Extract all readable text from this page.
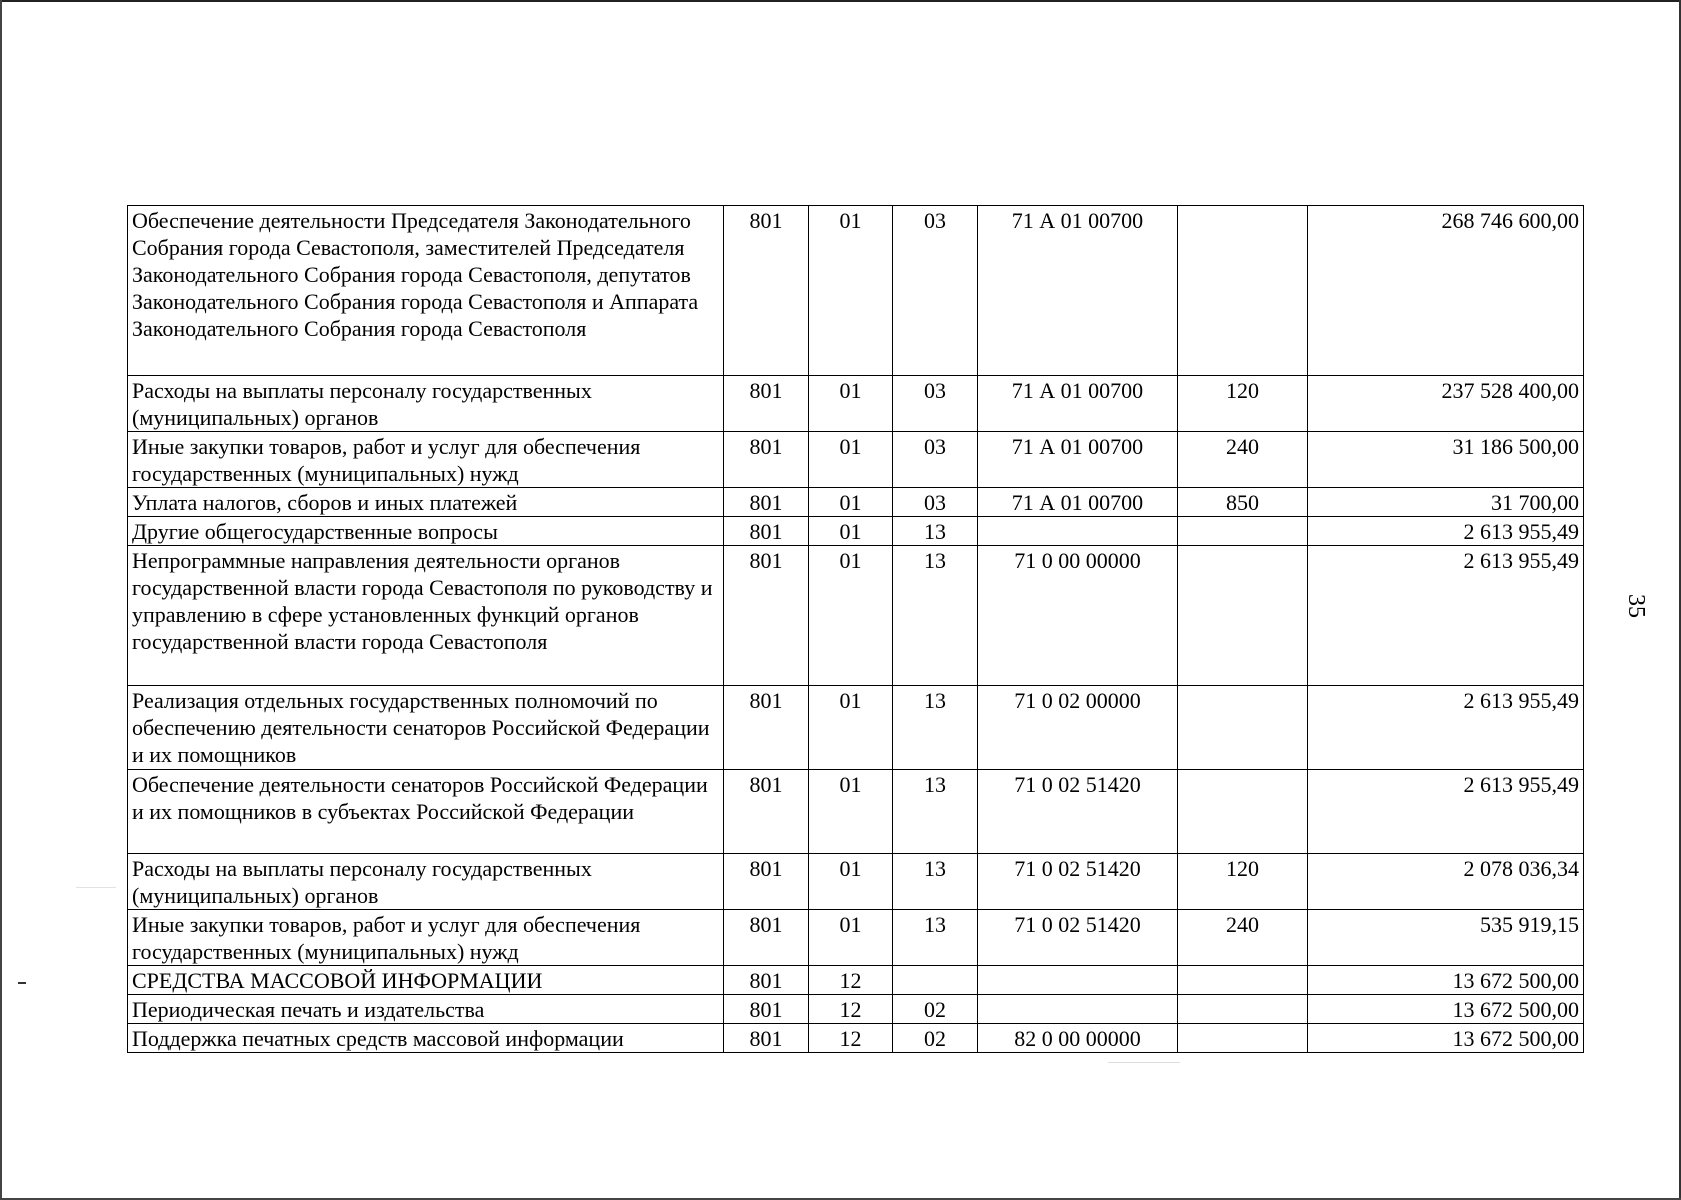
35
Обеспечение деятельности Председателя Законодательного Собрания города Севастополя, заместителей Председателя Законодательного Собрания города Севастополя, депутатов Законодательного Собрания города Севастополя и Аппарата Законодательного Собрания города Севастополя	801	01	03	71 А 01 00700		268 746 600,00
Расходы на выплаты персоналу государственных (муниципальных) органов	801	01	03	71 А 01 00700	120	237 528 400,00
Иные закупки товаров, работ и услуг для обеспечения государственных (муниципальных) нужд	801	01	03	71 А 01 00700	240	31 186 500,00
Уплата налогов, сборов и иных платежей	801	01	03	71 А 01 00700	850	31 700,00
Другие общегосударственные вопросы	801	01	13			2 613 955,49
Непрограммные направления деятельности органов государственной власти города Севастополя по руководству и управлению в сфере установленных функций органов государственной власти города Севастополя	801	01	13	71 0 00 00000		2 613 955,49
Реализация отдельных государственных полномочий по обеспечению деятельности сенаторов Российской Федерации и их помощников	801	01	13	71 0 02 00000		2 613 955,49
Обеспечение деятельности сенаторов Российской Федерации и их помощников в субъектах Российской Федерации	801	01	13	71 0 02 51420		2 613 955,49
Расходы на выплаты персоналу государственных (муниципальных) органов	801	01	13	71 0 02 51420	120	2 078 036,34
Иные закупки товаров, работ и услуг для обеспечения государственных (муниципальных) нужд	801	01	13	71 0 02 51420	240	535 919,15
СРЕДСТВА МАССОВОЙ ИНФОРМАЦИИ	801	12				13 672 500,00
Периодическая печать и издательства	801	12	02			13 672 500,00
Поддержка печатных средств массовой информации	801	12	02	82 0 00 00000		13 672 500,00
